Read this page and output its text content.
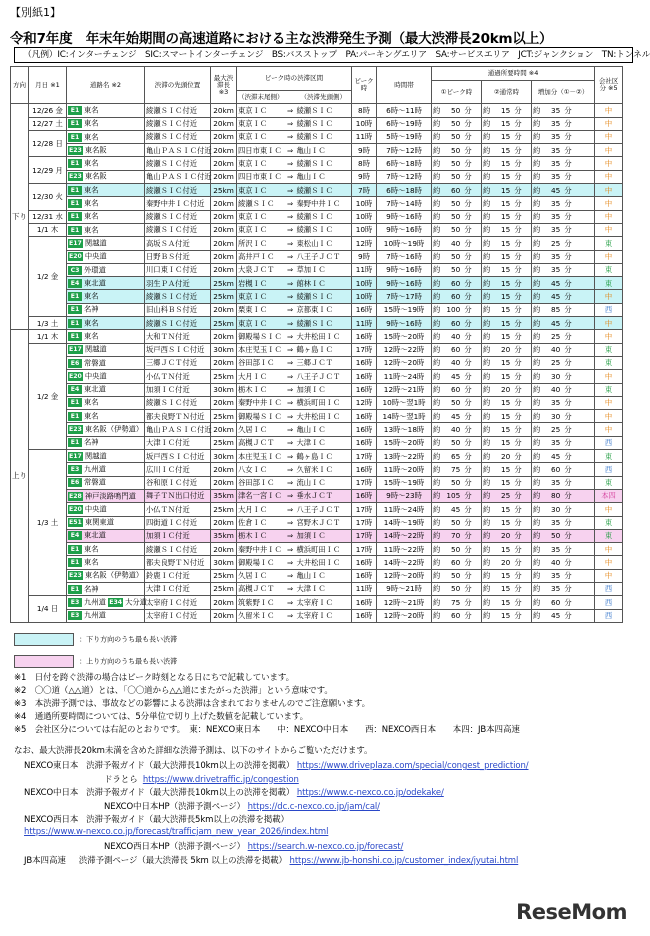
【別紙1】
令和7年度　年末年始期間の高速道路における主な渋滞発生予測（最大渋滞長20km以上）
（凡例）IC:インターチェンジ　SIC:スマートインターチェンジ　BS:バスストップ　PA:パーキングエリア　SA:サービスエリア　JCT:ジャンクション　TN:トンネル
方向	月日 ※1	道路名 ※2	渋滞の先頭位置	最大渋滞長 ※3	ピーク時の渋滞区間			ピーク時	時間帯	通過所要時間 ※4			会社区分 ※5
										①ピーク時	②通常時	増加分（①－②）	
					（渋滞末尾側）		（渋滞先頭側）						
下り	12/26 金	E1 東名	綾瀬ＳＩＣ付近	20km	東京ＩＣ	⇒	綾瀬ＳＩＣ	8時	6時〜11時	約 50 分	約 15 分	約 35 分	中
	12/27 土	E1 東名	綾瀬ＳＩＣ付近	20km	東京ＩＣ	⇒	綾瀬ＳＩＣ	10時	6時〜19時	約 50 分	約 15 分	約 35 分	中
	12/28 日	E1 東名	綾瀬ＳＩＣ付近	20km	東京ＩＣ	⇒	綾瀬ＳＩＣ	11時	5時〜19時	約 50 分	約 15 分	約 35 分	中
		E23 東名阪	亀山ＰＡＳＩＣ付近	20km	四日市東ＩＣ	⇒	亀山ＩＣ	9時	7時〜12時	約 50 分	約 15 分	約 35 分	中
	12/29 月	E1 東名	綾瀬ＳＩＣ付近	20km	東京ＩＣ	⇒	綾瀬ＳＩＣ	8時	6時〜18時	約 50 分	約 15 分	約 35 分	中
		E23 東名阪	亀山ＰＡＳＩＣ付近	20km	四日市東ＩＣ	⇒	亀山ＩＣ	9時	7時〜12時	約 50 分	約 15 分	約 35 分	中
	12/30 火	E1 東名	綾瀬ＳＩＣ付近	25km	東京ＩＣ	⇒	綾瀬ＳＩＣ	7時	6時〜18時	約 60 分	約 15 分	約 45 分	中
		E1 東名	秦野中井ＩＣ付近	20km	綾瀬ＳＩＣ	⇒	秦野中井ＩＣ	10時	7時〜14時	約 50 分	約 15 分	約 35 分	中
	12/31 水	E1 東名	綾瀬ＳＩＣ付近	20km	東京ＩＣ	⇒	綾瀬ＳＩＣ	10時	9時〜16時	約 50 分	約 15 分	約 35 分	中
	1/1 木	E1 東名	綾瀬ＳＩＣ付近	20km	東京ＩＣ	⇒	綾瀬ＳＩＣ	10時	9時〜16時	約 50 分	約 15 分	約 35 分	中
	1/2 金	E17 関越道	高坂ＳＡ付近	20km	所沢ＩＣ	⇒	東松山ＩＣ	12時	10時〜19時	約 40 分	約 15 分	約 25 分	東
		E20 中央道	日野ＢＳ付近	20km	高井戸ＩＣ	⇒	八王子ＪＣＴ	9時	7時〜16時	約 50 分	約 15 分	約 35 分	中
		C3 外環道	川口東ＩＣ付近	20km	大泉ＪＣＴ	⇒	草加ＩＣ	11時	9時〜16時	約 50 分	約 15 分	約 35 分	東
		E4 東北道	羽生ＰＡ付近	25km	岩槻ＩＣ	⇒	館林ＩＣ	10時	9時〜16時	約 60 分	約 15 分	約 45 分	東
		E1 東名	綾瀬ＳＩＣ付近	25km	東京ＩＣ	⇒	綾瀬ＳＩＣ	10時	7時〜17時	約 60 分	約 15 分	約 45 分	中
		E1 名神	旧山科ＢＳ付近	20km	栗東ＩＣ	⇒	京都東ＩＣ	16時	15時〜19時	約 100 分	約 15 分	約 85 分	西
	1/3 土	E1 東名	綾瀬ＳＩＣ付近	25km	東京ＩＣ	⇒	綾瀬ＳＩＣ	11時	9時〜16時	約 60 分	約 15 分	約 45 分	中
上り	1/1 木	E1 東名	大和ＴＮ付近	20km	御殿場ＳＩＣ	⇒	大井松田ＩＣ	16時	15時〜20時	約 40 分	約 15 分	約 25 分	中
	1/2 金	E17 関越道	坂戸西ＳＩＣ付近	30km	本庄児玉ＩＣ	⇒	鶴ヶ島ＩＣ	17時	12時〜22時	約 60 分	約 20 分	約 40 分	東
		E6 常磐道	三郷ＪＣＴ付近	20km	谷田部ＩＣ	⇒	三郷ＪＣＴ	16時	12時〜20時	約 40 分	約 15 分	約 25 分	東
		E20 中央道	小仏ＴＮ付近	25km	大月ＩＣ	⇒	八王子ＪＣＴ	16時	11時〜24時	約 45 分	約 15 分	約 30 分	中
		E4 東北道	加須ＩＣ付近	30km	栃木ＩＣ	⇒	加須ＩＣ	16時	12時〜21時	約 60 分	約 20 分	約 40 分	東
		E1 東名	綾瀬ＳＩＣ付近	20km	秦野中井ＩＣ	⇒	横浜町田ＩＣ	12時	10時〜翌1時	約 50 分	約 15 分	約 35 分	中
		E1 東名	都夫良野ＴＮ付近	25km	御殿場ＳＩＣ	⇒	大井松田ＩＣ	16時	14時〜翌1時	約 45 分	約 15 分	約 30 分	中
		E23 東名阪（伊勢道）	亀山ＰＡＳＩＣ付近	20km	久居ＩＣ	⇒	亀山ＩＣ	16時	13時〜18時	約 40 分	約 15 分	約 25 分	中
		E1 名神	大津ＩＣ付近	25km	高槻ＪＣＴ	⇒	大津ＩＣ	16時	15時〜20時	約 50 分	約 15 分	約 35 分	西
	1/3 土	E17 関越道	坂戸西ＳＩＣ付近	30km	本庄児玉ＩＣ	⇒	鶴ヶ島ＩＣ	17時	13時〜22時	約 65 分	約 20 分	約 45 分	東
		E3 九州道	広川ＩＣ付近	20km	八女ＩＣ	⇒	久留米ＩＣ	16時	11時〜20時	約 75 分	約 15 分	約 60 分	西
		E6 常磐道	谷和原ＩＣ付近	20km	谷田部ＩＣ	⇒	流山ＩＣ	17時	15時〜19時	約 50 分	約 15 分	約 35 分	東
		E28 神戸淡路鳴門道	舞子ＴＮ出口付近	35km	津名一宮ＩＣ	⇒	垂水ＪＣＴ	16時	9時〜23時	約 105 分	約 25 分	約 80 分	本四
		E20 中央道	小仏ＴＮ付近	25km	大月ＩＣ	⇒	八王子ＪＣＴ	17時	11時〜24時	約 45 分	約 15 分	約 30 分	中
		E51 東関東道	四街道ＩＣ付近	20km	佐倉ＩＣ	⇒	宮野木ＪＣＴ	17時	14時〜19時	約 50 分	約 15 分	約 35 分	東
		E4 東北道	加須ＩＣ付近	35km	栃木ＩＣ	⇒	加須ＩＣ	17時	14時〜22時	約 70 分	約 20 分	約 50 分	東
		E1 東名	綾瀬ＳＩＣ付近	20km	秦野中井ＩＣ	⇒	横浜町田ＩＣ	17時	11時〜22時	約 50 分	約 15 分	約 35 分	中
		E1 東名	都夫良野ＴＮ付近	30km	御殿場ＩＣ	⇒	大井松田ＩＣ	16時	14時〜22時	約 60 分	約 20 分	約 40 分	中
		E23 東名阪（伊勢道）	鈴鹿ＩＣ付近	25km	久居ＩＣ	⇒	亀山ＩＣ	16時	12時〜20時	約 50 分	約 15 分	約 35 分	中
		E1 名神	大津ＩＣ付近	25km	高槻ＪＣＴ	⇒	大津ＩＣ	11時	9時〜21時	約 50 分	約 15 分	約 35 分	西
	1/4 日	E3 九州道 E34 大分道	太宰府ＩＣ付近	20km	筑紫野ＩＣ	⇒	太宰府ＩＣ	16時	12時〜21時	約 75 分	約 15 分	約 60 分	西
		E3 九州道	太宰府ＩＣ付近	20km	久留米ＩＣ	⇒	太宰府ＩＣ	16時	12時〜20時	約 60 分	約 15 分	約 45 分	西
：下り方向のうち最も長い渋滞
：上り方向のうち最も長い渋滞
※1　日付を跨ぐ渋滞の場合はピーク時刻となる日にちで記載しています。
※2　〇〇道（△△道）とは、「〇〇道から△△道にまたがった渋滞」という意味です。
※3　本渋滞予測では、事故などの影響による渋滞は含まれておりませんのでご注意願います。
※4　通過所要時間については、5分単位で切り上げた数値を記載しています。
※5　会社区分については右記のとおりです。　東：NEXCO東日本　　中：NEXCO中日本　　西：NEXCO西日本　　本四：JB本四高速
なお、最大渋滞長20km未満を含めた詳細な渋滞予測は、以下のサイトからご覧いただけます。
NEXCO東日本 渋滞予報ガイド（最大渋滞長10km以上の渋滞を掲載） https://www.driveplaza.com/special/congest_prediction/
ドラとら https://www.drivetraffic.jp/congestion
NEXCO中日本 渋滞予報ガイド（最大渋滞長10km以上の渋滞を掲載） https://www.c-nexco.co.jp/odekake/
NEXCO中日本HP（渋滞予測ページ） https://dc.c-nexco.co.jp/jam/cal/
NEXCO西日本 渋滞予報ガイド（最大渋滞長5km以上の渋滞を掲載）
https://www.w-nexco.co.jp/forecast/trafficjam_new_year_2026/index.html
NEXCO西日本HP（渋滞予測ページ） https://search.w-nexco.co.jp/forecast/
JB本四高速 渋滞予測ページ（最大渋滞長 5km 以上の渋滞を掲載） https://www.jb-honshi.co.jp/customer_index/jyutai.html
ReseMom
